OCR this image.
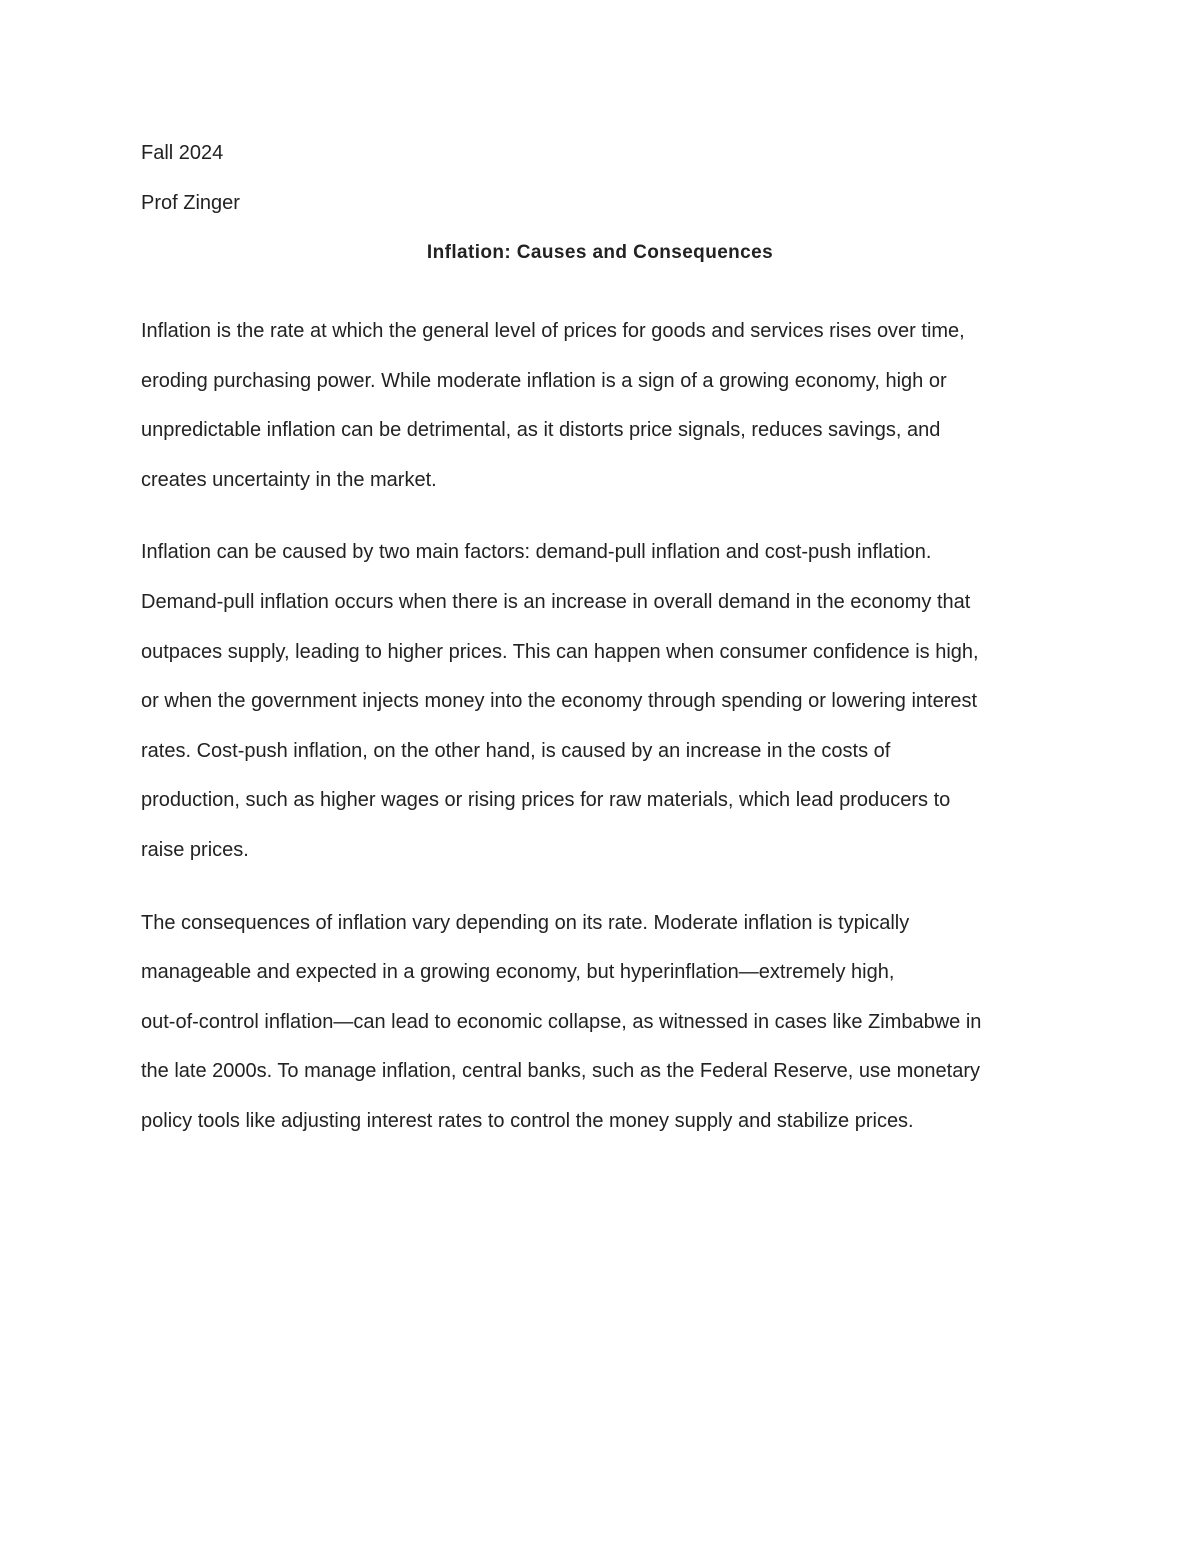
Fall 2024
Prof Zinger
Inflation: Causes and Consequences
Inflation is the rate at which the general level of prices for goods and services rises over time,
eroding purchasing power. While moderate inflation is a sign of a growing economy, high or
unpredictable inflation can be detrimental, as it distorts price signals, reduces savings, and
creates uncertainty in the market.
Inflation can be caused by two main factors: demand-pull inflation and cost-push inflation.
Demand-pull inflation occurs when there is an increase in overall demand in the economy that
outpaces supply, leading to higher prices. This can happen when consumer confidence is high,
or when the government injects money into the economy through spending or lowering interest
rates. Cost-push inflation, on the other hand, is caused by an increase in the costs of
production, such as higher wages or rising prices for raw materials, which lead producers to
raise prices.
The consequences of inflation vary depending on its rate. Moderate inflation is typically
manageable and expected in a growing economy, but hyperinflation—extremely high,
out-of-control inflation—can lead to economic collapse, as witnessed in cases like Zimbabwe in
the late 2000s. To manage inflation, central banks, such as the Federal Reserve, use monetary
policy tools like adjusting interest rates to control the money supply and stabilize prices.
